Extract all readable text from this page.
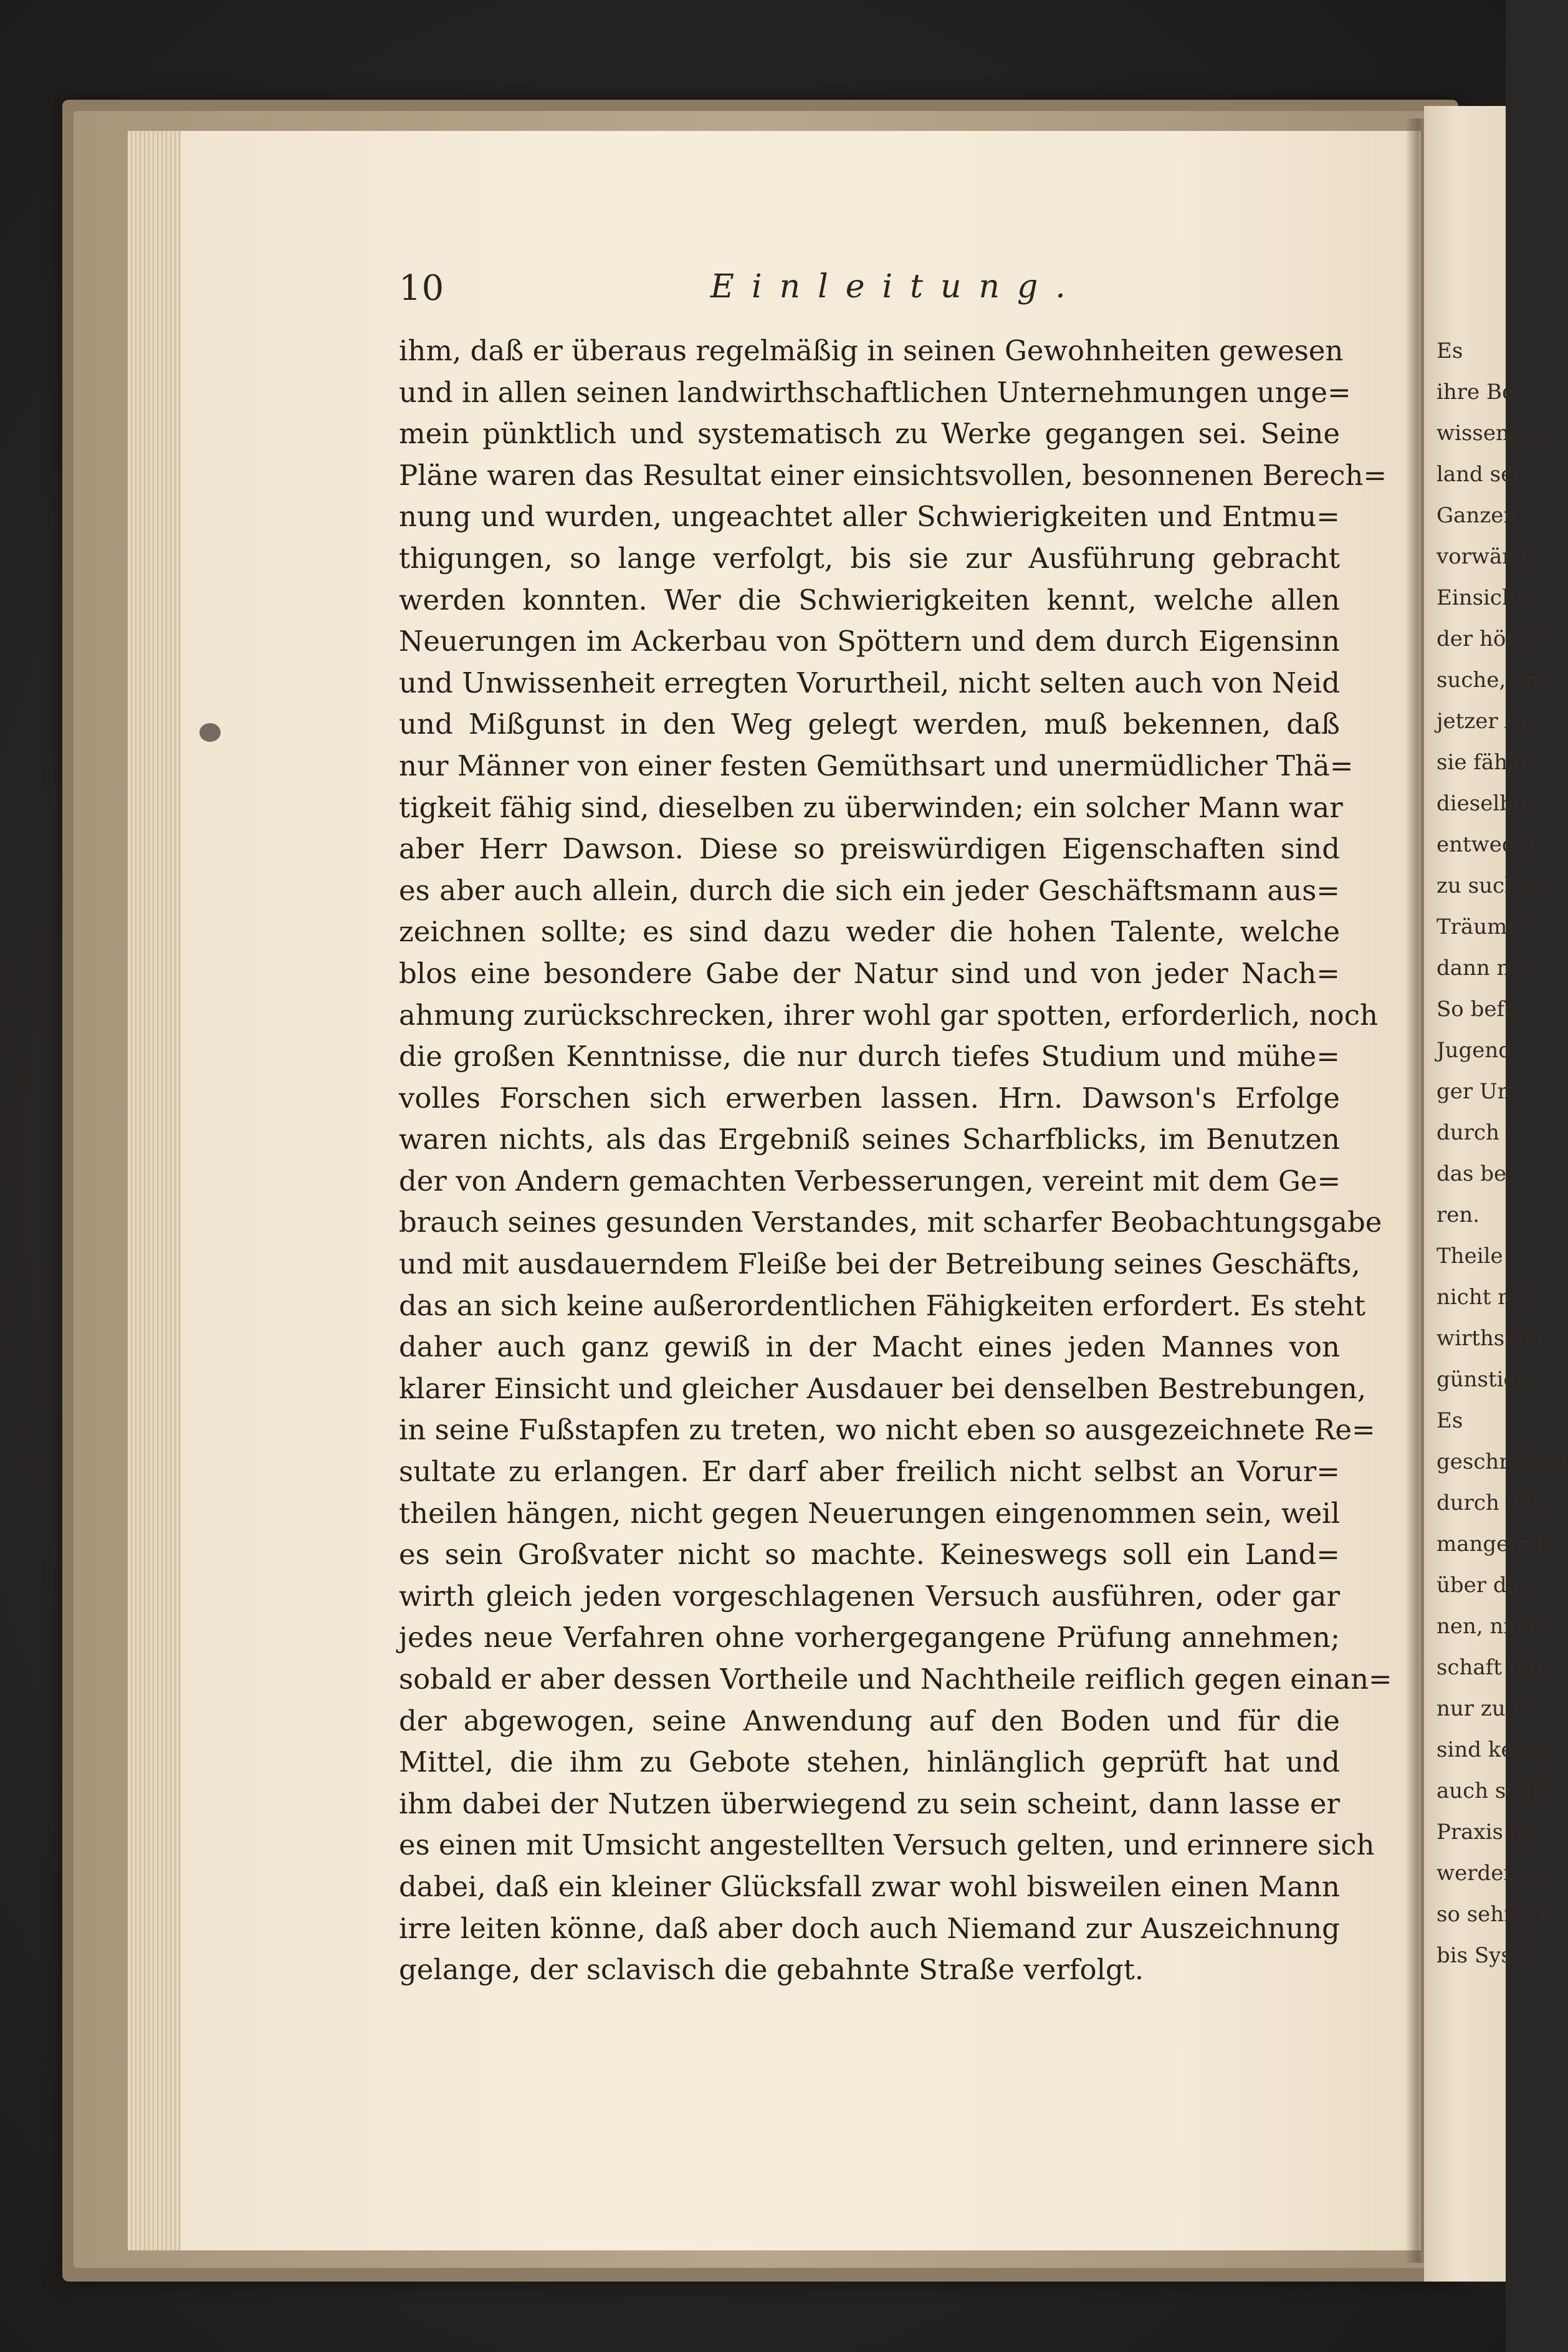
Es
ihre Be
wissensch
land sei
Ganzen
vorwärts
Einsicht
der höher
suche, da
jetzer Ar
sie fähig
dieselbe
entweder
zu suchen
Träumer
dann no
So befol
Jugend
ger Um
durch
das be
ren.
Theile
nicht me
wirthscha
günstigt,
Es
geschrieben
durch das
mangelnde
über das,
nen, nicht
schaft dur
nur zu A
sind keines
auch sollte
Praxis ist,
werden, u
so sehr zu
bis Syste
10	Einleitung.
ihm, daß er überaus regelmäßig in seinen Gewohnheiten gewesen
und in allen seinen landwirthschaftlichen Unternehmungen unge=
mein pünktlich und systematisch zu Werke gegangen sei. Seine
Pläne waren das Resultat einer einsichtsvollen, besonnenen Berech=
nung und wurden, ungeachtet aller Schwierigkeiten und Entmu=
thigungen, so lange verfolgt, bis sie zur Ausführung gebracht
werden konnten. Wer die Schwierigkeiten kennt, welche allen
Neuerungen im Ackerbau von Spöttern und dem durch Eigensinn
und Unwissenheit erregten Vorurtheil, nicht selten auch von Neid
und Mißgunst in den Weg gelegt werden, muß bekennen, daß
nur Männer von einer festen Gemüthsart und unermüdlicher Thä=
tigkeit fähig sind, dieselben zu überwinden; ein solcher Mann war
aber Herr Dawson. Diese so preiswürdigen Eigenschaften sind
es aber auch allein, durch die sich ein jeder Geschäftsmann aus=
zeichnen sollte; es sind dazu weder die hohen Talente, welche
blos eine besondere Gabe der Natur sind und von jeder Nach=
ahmung zurückschrecken, ihrer wohl gar spotten, erforderlich, noch
die großen Kenntnisse, die nur durch tiefes Studium und mühe=
volles Forschen sich erwerben lassen. Hrn. Dawson's Erfolge
waren nichts, als das Ergebniß seines Scharfblicks, im Benutzen
der von Andern gemachten Verbesserungen, vereint mit dem Ge=
brauch seines gesunden Verstandes, mit scharfer Beobachtungsgabe
und mit ausdauerndem Fleiße bei der Betreibung seines Geschäfts,
das an sich keine außerordentlichen Fähigkeiten erfordert. Es steht
daher auch ganz gewiß in der Macht eines jeden Mannes von
klarer Einsicht und gleicher Ausdauer bei denselben Bestrebungen,
in seine Fußstapfen zu treten, wo nicht eben so ausgezeichnete Re=
sultate zu erlangen. Er darf aber freilich nicht selbst an Vorur=
theilen hängen, nicht gegen Neuerungen eingenommen sein, weil
es sein Großvater nicht so machte. Keineswegs soll ein Land=
wirth gleich jeden vorgeschlagenen Versuch ausführen, oder gar
jedes neue Verfahren ohne vorhergegangene Prüfung annehmen;
sobald er aber dessen Vortheile und Nachtheile reiflich gegen einan=
der abgewogen, seine Anwendung auf den Boden und für die
Mittel, die ihm zu Gebote stehen, hinlänglich geprüft hat und
ihm dabei der Nutzen überwiegend zu sein scheint, dann lasse er
es einen mit Umsicht angestellten Versuch gelten, und erinnere sich
dabei, daß ein kleiner Glücksfall zwar wohl bisweilen einen Mann
irre leiten könne, daß aber doch auch Niemand zur Auszeichnung
gelange, der sclavisch die gebahnte Straße verfolgt.
